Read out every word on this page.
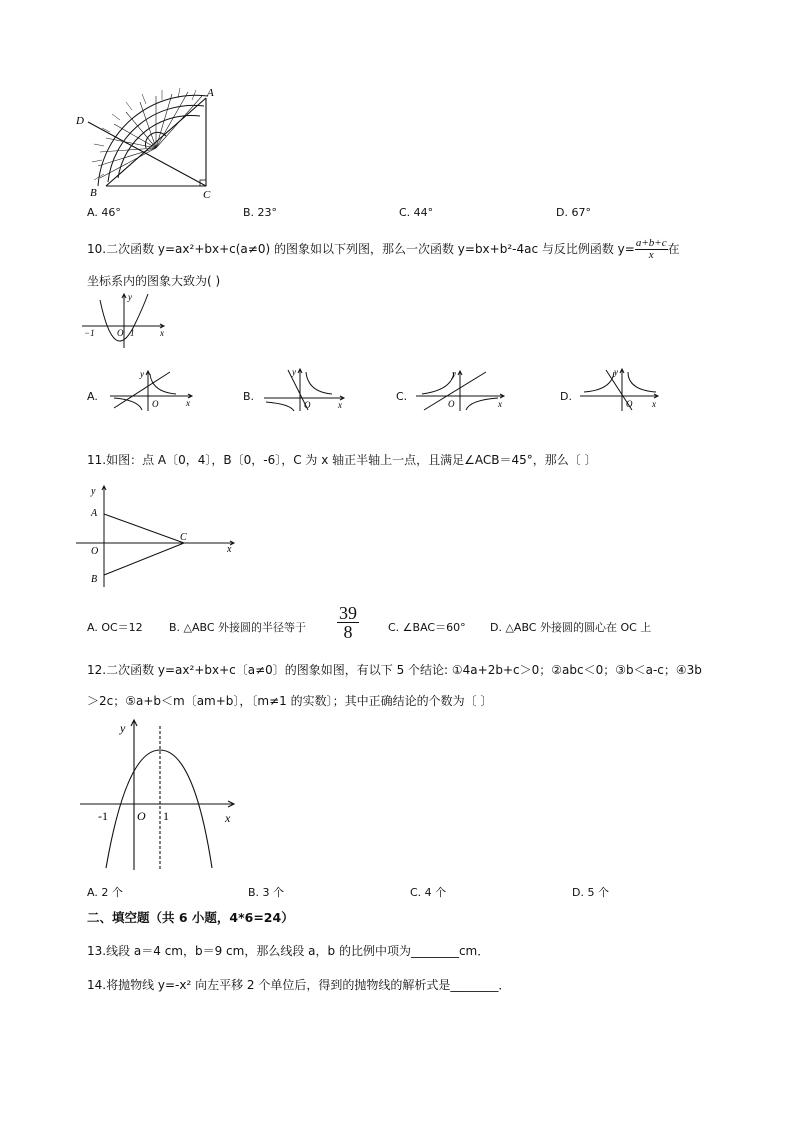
A
D
B	C
A. 46°	B. 23°	C. 44°	D. 67°
10.二次函数 y=ax²+bx+c(a≠0) 的图象如以下列图，那么一次函数 y=bx+b²-4ac 与反比例函数 $y= \frac{a+b+c}{x}$ 在
坐标系内的图象大致为( )
y
x
O
−1	1
A.
y
O	x	B.
y
O	x
C.
y
O	x
D.
y
O x
11.如图：点 A〔0，4〕，B〔0，-6〕，C 为 x 轴正半轴上一点，且满足∠ACB＝45°，那么〔 〕
y
A
O
B
C
x
A. OC＝12 B. △ABC 外接圆的半径等于 $\frac{39}{8}$	C. ∠BAC＝60° D. △ABC 外接圆的圆心在 OC 上
12.二次函数 y=ax²+bx+c〔a≠0〕的图象如图，有以下 5 个结论: ①4a+2b+c＞0；②abc＜0；③b＜a-c；④3b
＞2c；⑤a+b＜m〔am+b〕，〔m≠1 的实数〕；其中正确结论的个数为〔 〕
y
-1 O 1	x
A. 2 个	B. 3 个	C. 4 个	D. 5 个
二、填空题（共 6 小题，4*6=24）
13.线段 a＝4 cm，b＝9 cm，那么线段 a，b 的比例中项为________cm．
14.将抛物线 y=-x² 向左平移 2 个单位后，得到的抛物线的解析式是________．
